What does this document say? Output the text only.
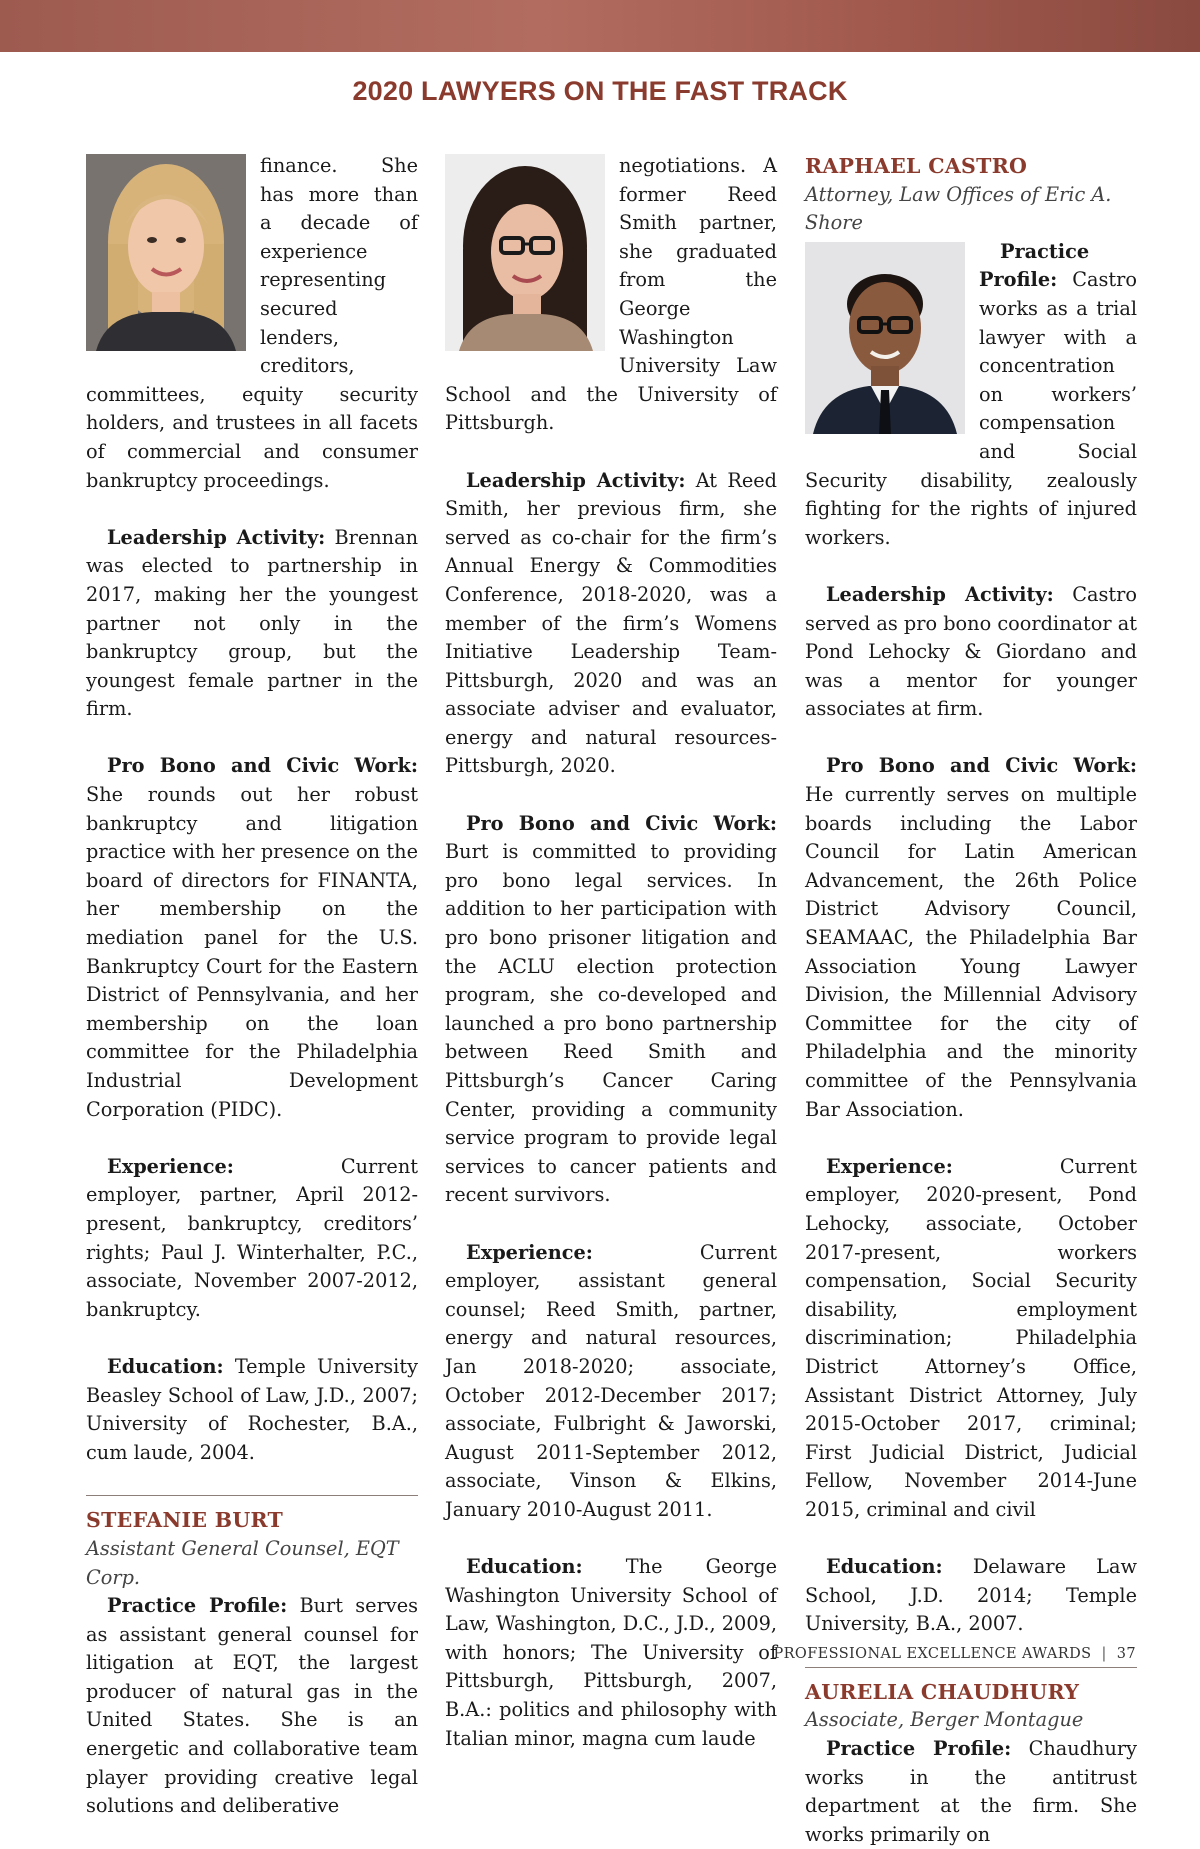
2020 LAWYERS ON THE FAST TRACK

finance. She has more than a decade of experience representing secured lenders, creditors, committees, equity security holders, and trustees in all facets of commercial and consumer bankruptcy proceedings.

Leadership Activity: Brennan was elected to partnership in 2017, making her the youngest partner not only in the bankruptcy group, but the youngest female partner in the firm.

Pro Bono and Civic Work: She rounds out her robust bankruptcy and litigation practice with her presence on the board of directors for FINANTA, her membership on the mediation panel for the U.S. Bankruptcy Court for the Eastern District of Pennsylvania, and her membership on the loan committee for the Philadelphia Industrial Development Corporation (PIDC).

Experience: Current employer, partner, April 2012-present, bankruptcy, creditors’ rights; Paul J. Winterhalter, P.C., associate, November 2007-2012, bankruptcy.

Education: Temple University Beasley School of Law, J.D., 2007; University of Rochester, B.A., cum laude, 2004.

STEFANIE BURT
Assistant General Counsel, EQT Corp.

Practice Profile: Burt serves as assistant general counsel for litigation at EQT, the largest producer of natural gas in the United States. She is an energetic and collaborative team player providing creative legal solutions and deliberative

negotiations. A former Reed Smith partner, she graduated from the George Washington University Law School and the University of Pittsburgh.

Leadership Activity: At Reed Smith, her previous firm, she served as co-chair for the firm’s Annual Energy & Commodities Conference, 2018-2020, was a member of the firm’s Womens Initiative Leadership Team-Pittsburgh, 2020 and was an associate adviser and evaluator, energy and natural resources-Pittsburgh, 2020.

Pro Bono and Civic Work: Burt is committed to providing pro bono legal services. In addition to her participation with pro bono prisoner litigation and the ACLU election protection program, she co-developed and launched a pro bono partnership between Reed Smith and Pittsburgh’s Cancer Caring Center, providing a community service program to provide legal services to cancer patients and recent survivors.

Experience: Current employer, assistant general counsel; Reed Smith, partner, energy and natural resources, Jan 2018-2020; associate, October 2012-December 2017; associate, Fulbright & Jaworski, August 2011-September 2012, associate, Vinson & Elkins, January 2010-August 2011.

Education: The George Washington University School of Law, Washington, D.C., J.D., 2009, with honors; The University of Pittsburgh, Pittsburgh, 2007, B.A.: politics and philosophy with Italian minor, magna cum laude

RAPHAEL CASTRO
Attorney, Law Offices of Eric A. Shore

Practice Profile: Castro works as a trial lawyer with a concentration on workers’ compensation and Social Security disability, zealously fighting for the rights of injured workers.

Leadership Activity: Castro served as pro bono coordinator at Pond Lehocky & Giordano and was a mentor for younger associates at firm.

Pro Bono and Civic Work: He currently serves on multiple boards including the Labor Council for Latin American Advancement, the 26th Police District Advisory Council, SEAMAAC, the Philadelphia Bar Association Young Lawyer Division, the Millennial Advisory Committee for the city of Philadelphia and the minority committee of the Pennsylvania Bar Association.

Experience: Current employer, 2020-present, Pond Lehocky, associate, October 2017-present, workers compensation, Social Security disability, employment discrimination; Philadelphia District Attorney’s Office, Assistant District Attorney, July 2015-October 2017, criminal; First Judicial District, Judicial Fellow, November 2014-June 2015, criminal and civil

Education: Delaware Law School, J.D. 2014; Temple University, B.A., 2007.

AURELIA CHAUDHURY
Associate, Berger Montague

Practice Profile: Chaudhury works in the antitrust department at the firm. She works primarily on

PROFESSIONAL EXCELLENCE AWARDS | 37
